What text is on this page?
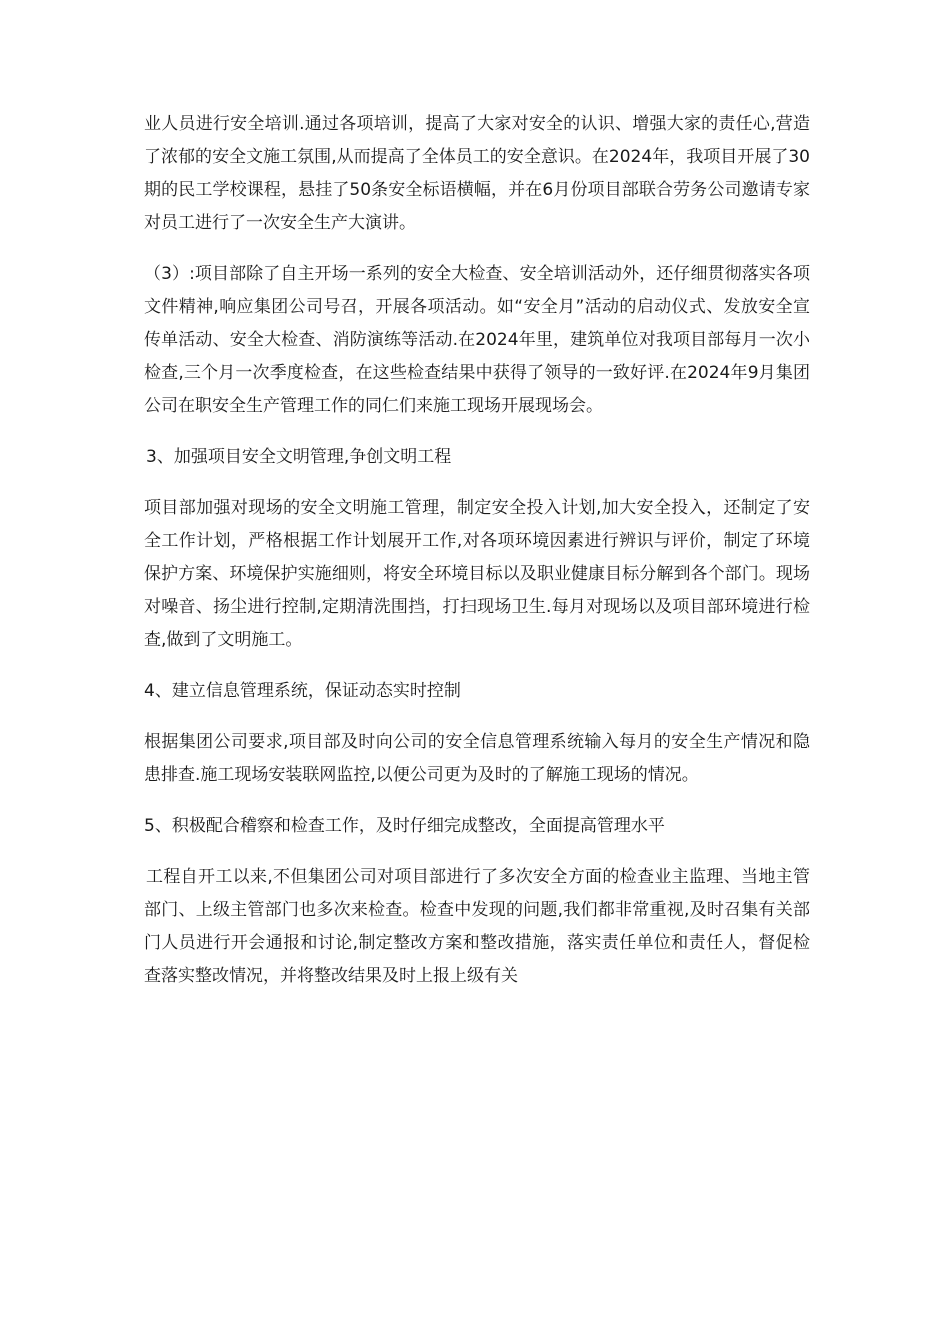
业人员进行安全培训.通过各项培训，提高了大家对安全的认识、增强大家的责任心,营造了浓郁的安全文施工氛围,从而提高了全体员工的安全意识。在2024年，我项目开展了30期的民工学校课程，悬挂了50条安全标语横幅，并在6月份项目部联合劳务公司邀请专家对员工进行了一次安全生产大演讲。

（3）:项目部除了自主开场一系列的安全大检查、安全培训活动外，还仔细贯彻落实各项文件精神,响应集团公司号召，开展各项活动。如“安全月”活动的启动仪式、发放安全宣传单活动、安全大检查、消防演练等活动.在2024年里，建筑单位对我项目部每月一次小检查,三个月一次季度检查，在这些检查结果中获得了领导的一致好评.在2024年9月集团公司在职安全生产管理工作的同仁们来施工现场开展现场会。

3、加强项目安全文明管理,争创文明工程

项目部加强对现场的安全文明施工管理，制定安全投入计划,加大安全投入，还制定了安全工作计划，严格根据工作计划展开工作,对各项环境因素进行辨识与评价，制定了环境保护方案、环境保护实施细则，将安全环境目标以及职业健康目标分解到各个部门。现场对噪音、扬尘进行控制,定期清洗围挡，打扫现场卫生.每月对现场以及项目部环境进行检查,做到了文明施工。

4、建立信息管理系统，保证动态实时控制

根据集团公司要求,项目部及时向公司的安全信息管理系统输入每月的安全生产情况和隐患排查.施工现场安装联网监控,以便公司更为及时的了解施工现场的情况。

5、积极配合稽察和检查工作，及时仔细完成整改，全面提高管理水平

工程自开工以来,不但集团公司对项目部进行了多次安全方面的检查业主监理、当地主管部门、上级主管部门也多次来检查。检查中发现的问题,我们都非常重视,及时召集有关部门人员进行开会通报和讨论,制定整改方案和整改措施，落实责任单位和责任人，督促检查落实整改情况，并将整改结果及时上报上级有关
